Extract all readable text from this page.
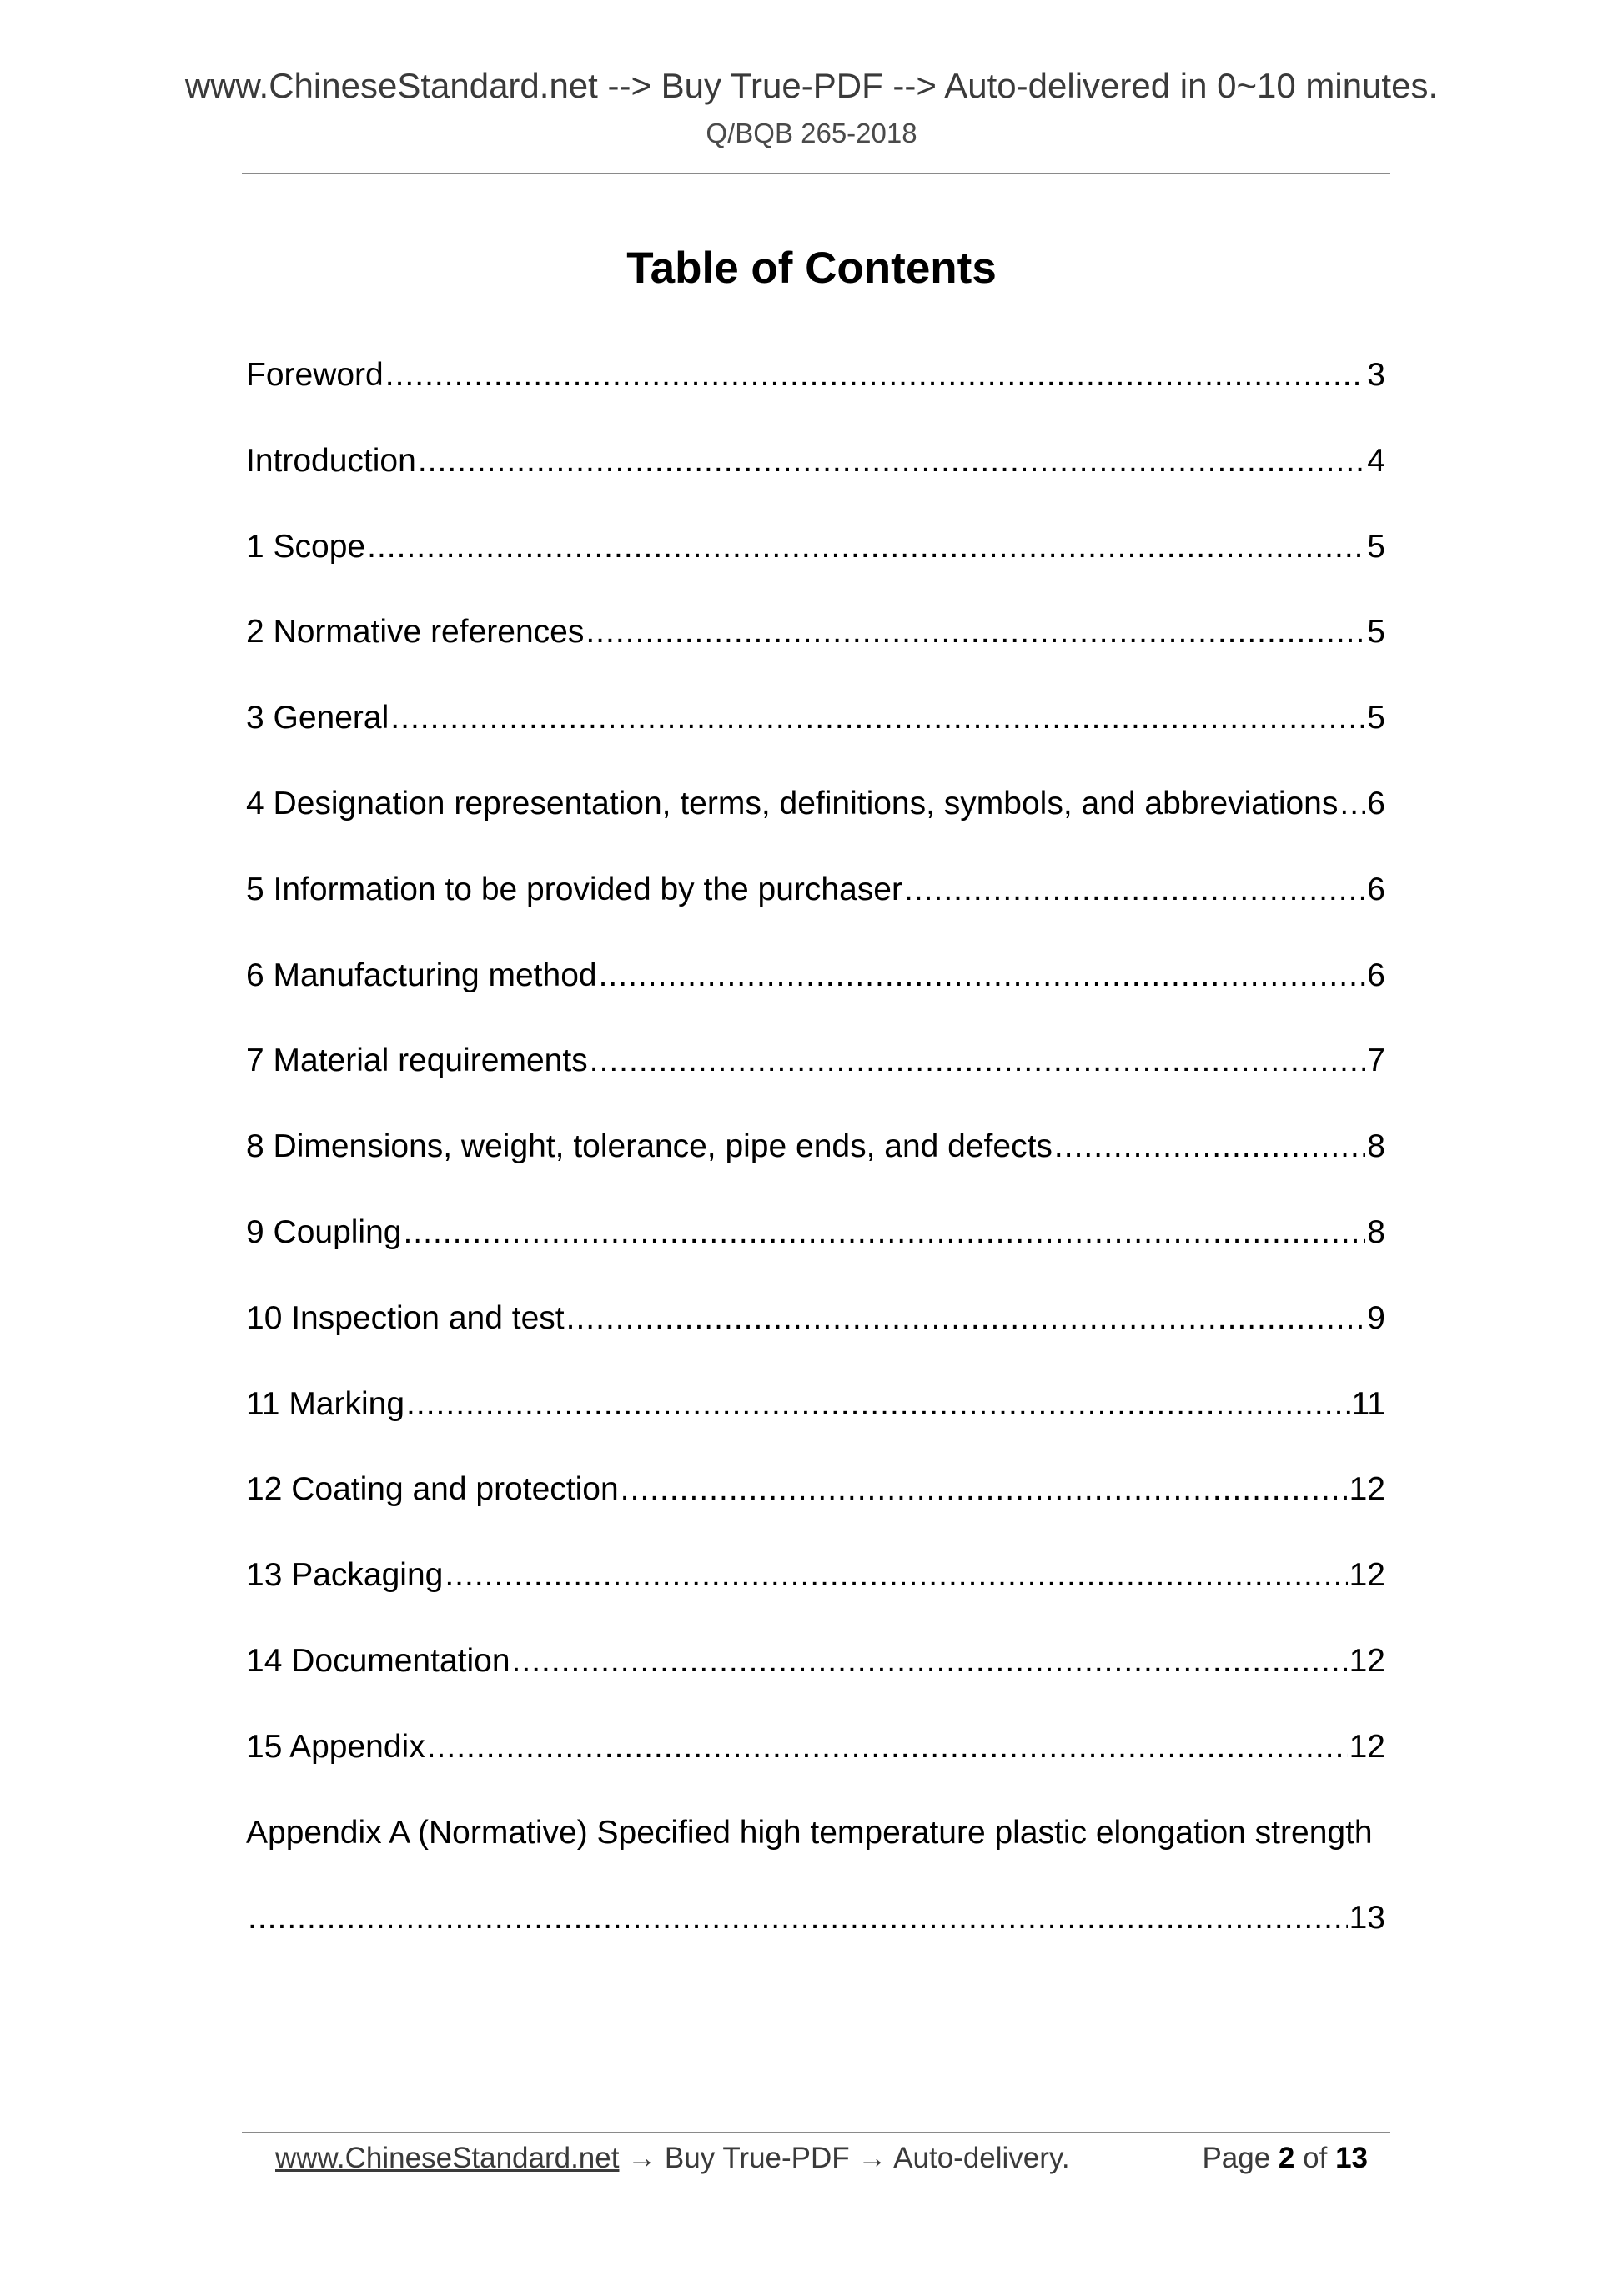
www.ChineseStandard.net --> Buy True-PDF --> Auto-delivered in 0~10 minutes.
Q/BQB 265-2018
Table of Contents
Foreword .....	3
Introduction .....	4
1 Scope .....	5
2 Normative references .....	5
3 General .....	5
4 Designation representation, terms, definitions, symbols, and abbreviations ..... 6
5 Information to be provided by the purchaser .....	6
6 Manufacturing method .....	6
7 Material requirements .....	7
8 Dimensions, weight, tolerance, pipe ends, and defects .....	8
9 Coupling .....	8
10 Inspection and test .....	9
11 Marking .....	11
12 Coating and protection .....	12
13 Packaging .....	12
14 Documentation .....	12
15 Appendix .....	12
Appendix A (Normative) Specified high temperature plastic elongation strength
.....
13
www.ChineseStandard.net → Buy True-PDF → Auto-delivery.	Page 2 of 13
